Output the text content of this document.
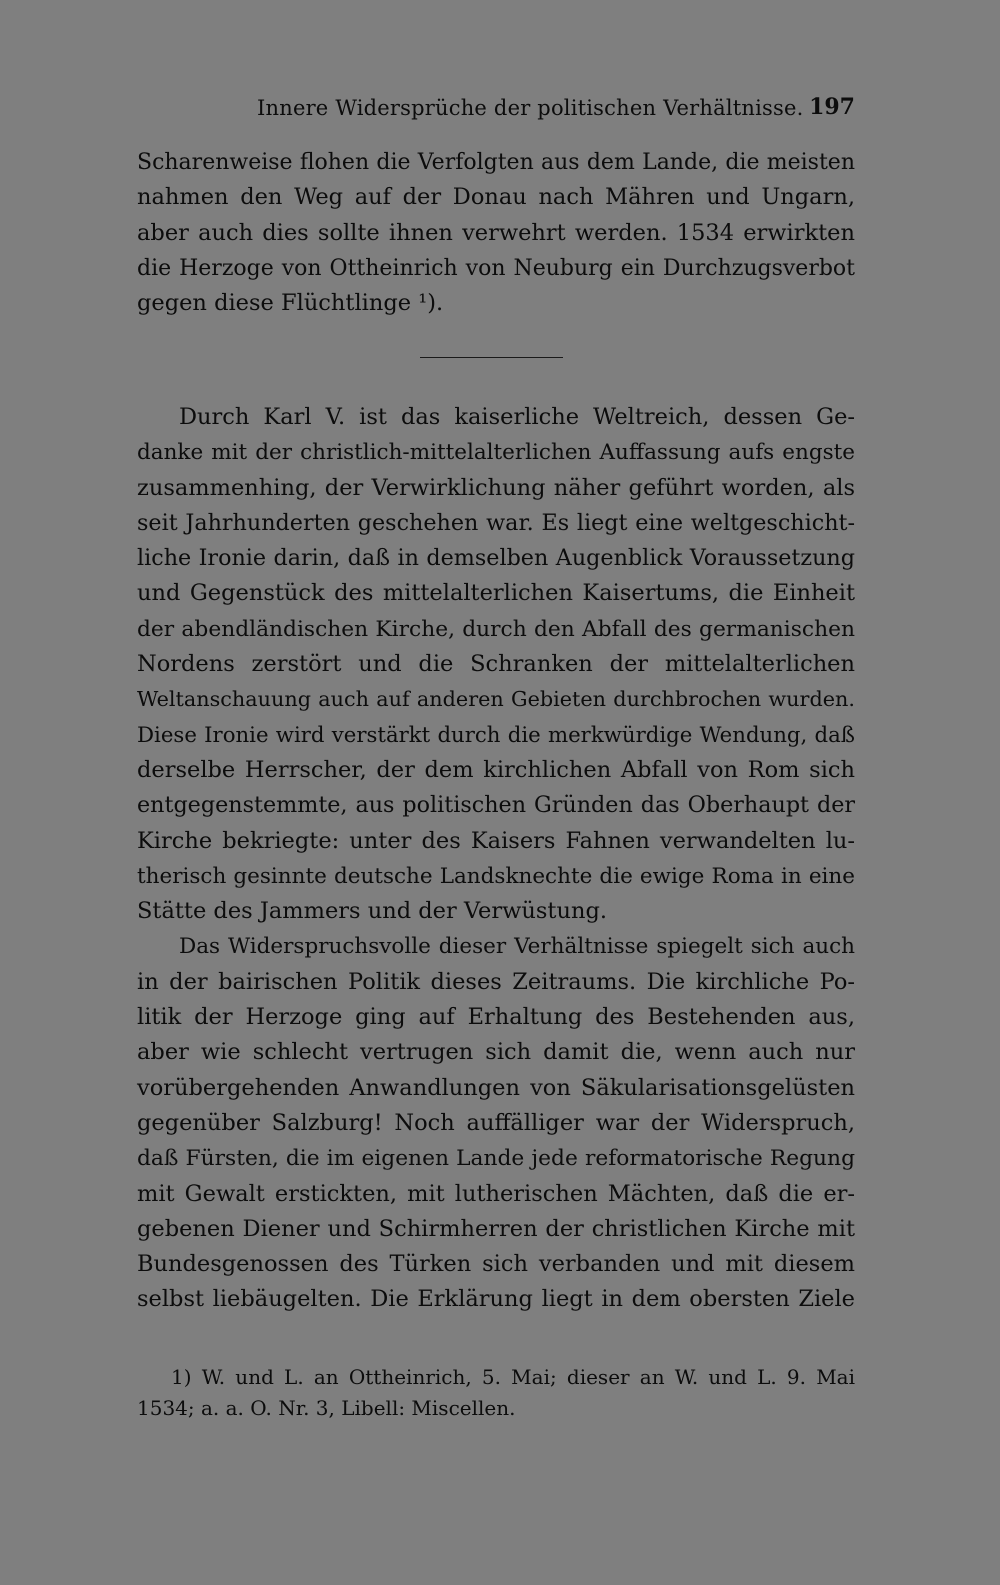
Innere Widersprüche der politischen Verhältnisse. 197
Scharenweise flohen die Verfolgten aus dem Lande, die meisten
nahmen den Weg auf der Donau nach Mähren und Ungarn,
aber auch dies sollte ihnen verwehrt werden. 1534 erwirkten
die Herzoge von Ottheinrich von Neuburg ein Durchzugsverbot
gegen diese Flüchtlinge ¹).
Durch Karl V. ist das kaiserliche Weltreich, dessen Ge-
danke mit der christlich-mittelalterlichen Auffassung aufs engste
zusammenhing, der Verwirklichung näher geführt worden, als
seit Jahrhunderten geschehen war. Es liegt eine weltgeschicht-
liche Ironie darin, daß in demselben Augenblick Voraussetzung
und Gegenstück des mittelalterlichen Kaisertums, die Einheit
der abendländischen Kirche, durch den Abfall des germanischen
Nordens zerstört und die Schranken der mittelalterlichen
Weltanschauung auch auf anderen Gebieten durchbrochen wurden.
Diese Ironie wird verstärkt durch die merkwürdige Wendung, daß
derselbe Herrscher, der dem kirchlichen Abfall von Rom sich
entgegenstemmte, aus politischen Gründen das Oberhaupt der
Kirche bekriegte: unter des Kaisers Fahnen verwandelten lu-
therisch gesinnte deutsche Landsknechte die ewige Roma in eine
Stätte des Jammers und der Verwüstung.
Das Widerspruchsvolle dieser Verhältnisse spiegelt sich auch
in der bairischen Politik dieses Zeitraums. Die kirchliche Po-
litik der Herzoge ging auf Erhaltung des Bestehenden aus,
aber wie schlecht vertrugen sich damit die, wenn auch nur
vorübergehenden Anwandlungen von Säkularisationsgelüsten
gegenüber Salzburg! Noch auffälliger war der Widerspruch,
daß Fürsten, die im eigenen Lande jede reformatorische Regung
mit Gewalt erstickten, mit lutherischen Mächten, daß die er-
gebenen Diener und Schirmherren der christlichen Kirche mit
Bundesgenossen des Türken sich verbanden und mit diesem
selbst liebäugelten. Die Erklärung liegt in dem obersten Ziele
1) W. und L. an Ottheinrich, 5. Mai; dieser an W. und L. 9. Mai
1534; a. a. O. Nr. 3, Libell: Miscellen.
